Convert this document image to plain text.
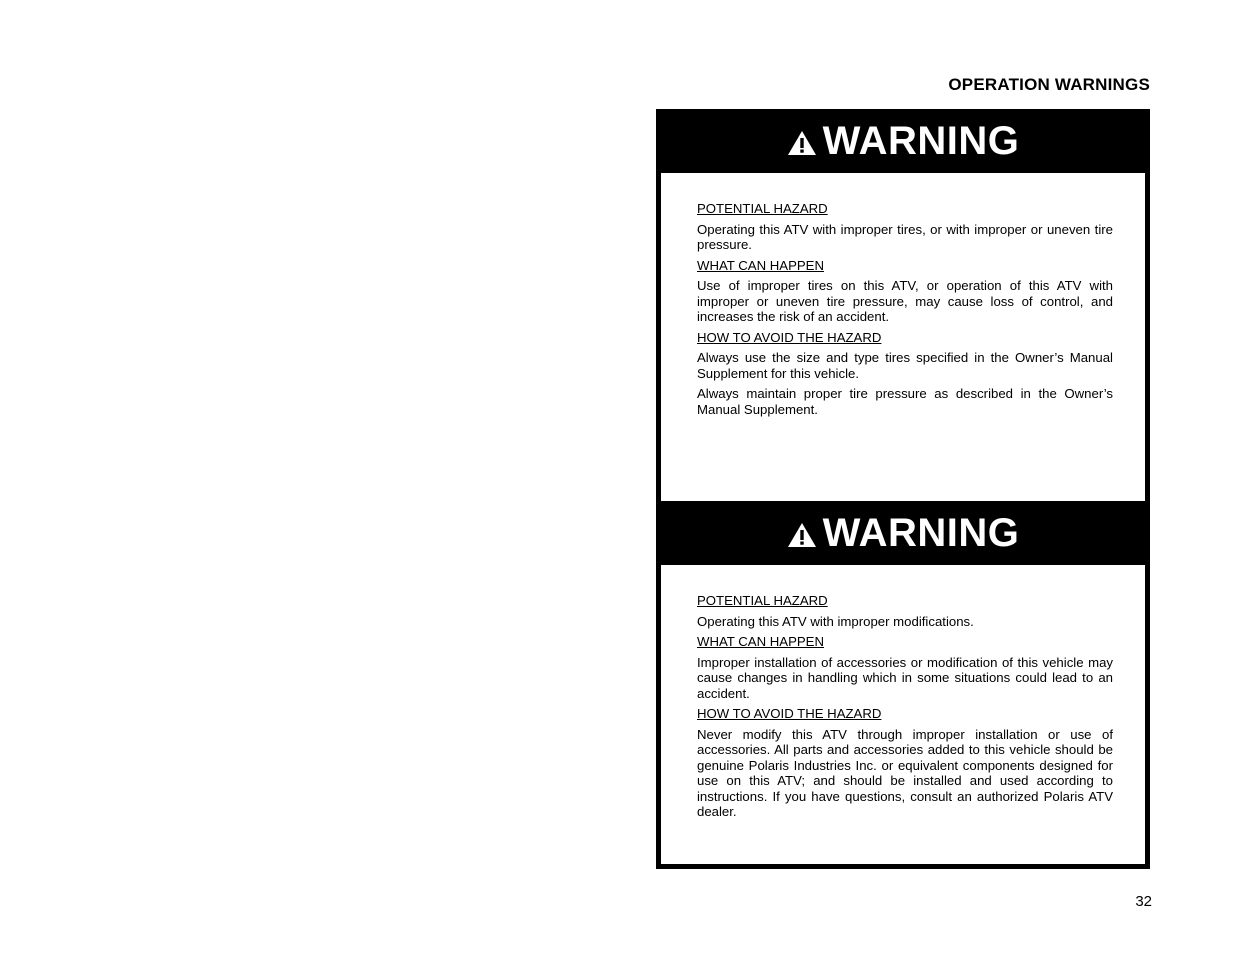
OPERATION WARNINGS
WARNING
POTENTIAL HAZARD

Operating this ATV with improper tires, or with improper or uneven tire pressure.

WHAT CAN HAPPEN

Use of improper tires on this ATV, or operation of this ATV with improper or uneven tire pressure, may cause loss of control, and increases the risk of an accident.

HOW TO AVOID THE HAZARD

Always use the size and type tires specified in the Owner’s Manual Supplement for this vehicle.

Always maintain proper tire pressure as described in the Owner’s Manual Supplement.

WARNING
POTENTIAL HAZARD

Operating this ATV with improper modifications.

WHAT CAN HAPPEN

Improper installation of accessories or modification of this vehicle may cause changes in handling which in some situations could lead to an accident.

HOW TO AVOID THE HAZARD

Never modify this ATV through improper installation or use of accessories. All parts and accessories added to this vehicle should be genuine Polaris Industries Inc. or equivalent components designed for use on this ATV; and should be installed and used according to instructions. If you have questions, consult an authorized Polaris ATV dealer.

32
